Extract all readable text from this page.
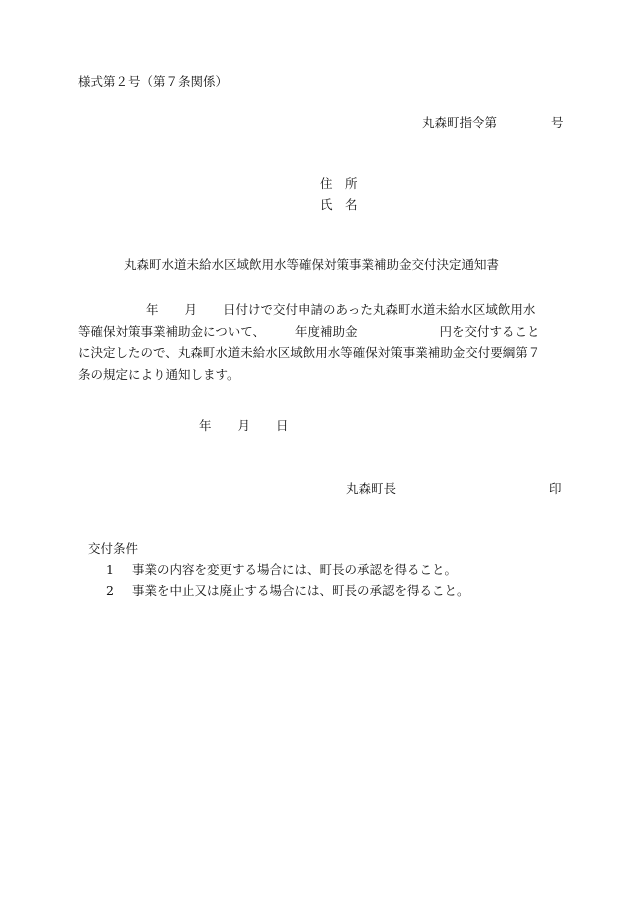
様式第２号（第７条関係）
丸森町指令第	号
住　所
氏　名
丸森町水道未給水区域飲用水等確保対策事業補助金交付決定通知書
年 月 日付けで交付申請のあった丸森町水道未給水区域飲用水
等確保対策事業補助金について、 年度補助金	円を交付すること
に決定したので、丸森町水道未給水区域飲用水等確保対策事業補助金交付要綱第７
条の規定により通知します。
年 月 日
丸森町長	印
交付条件
1 事業の内容を変更する場合には、町長の承認を得ること。
2 事業を中止又は廃止する場合には、町長の承認を得ること。
